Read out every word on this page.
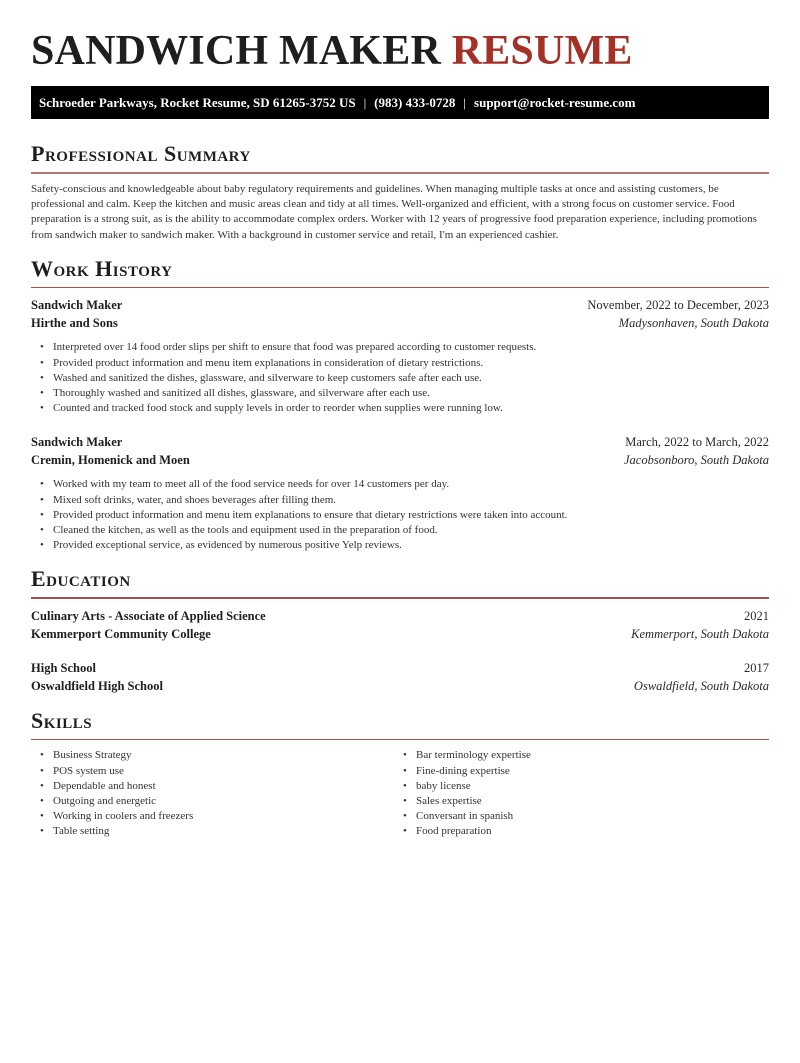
SANDWICH MAKER RESUME
Schroeder Parkways, Rocket Resume, SD 61265-3752 US | (983) 433-0728 | support@rocket-resume.com
Professional Summary

Safety-conscious and knowledgeable about baby regulatory requirements and guidelines. When managing multiple tasks at once and assisting customers, be professional and calm. Keep the kitchen and music areas clean and tidy at all times. Well-organized and efficient, with a strong focus on customer service. Food preparation is a strong suit, as is the ability to accommodate complex orders. Worker with 12 years of progressive food preparation experience, including promotions from sandwich maker to sandwich maker. With a background in customer service and retail, I'm an experienced cashier.

Work History
Sandwich Maker	November, 2022 to December, 2023
Hirthe and Sons	Madysonhaven, South Dakota
• Interpreted over 14 food order slips per shift to ensure that food was prepared according to customer requests.
• Provided product information and menu item explanations in consideration of dietary restrictions.
• Washed and sanitized the dishes, glassware, and silverware to keep customers safe after each use.
• Thoroughly washed and sanitized all dishes, glassware, and silverware after each use.
• Counted and tracked food stock and supply levels in order to reorder when supplies were running low.
Sandwich Maker	March, 2022 to March, 2022
Cremin, Homenick and Moen	Jacobsonboro, South Dakota
• Worked with my team to meet all of the food service needs for over 14 customers per day.
• Mixed soft drinks, water, and shoes beverages after filling them.
• Provided product information and menu item explanations to ensure that dietary restrictions were taken into account.
• Cleaned the kitchen, as well as the tools and equipment used in the preparation of food.
• Provided exceptional service, as evidenced by numerous positive Yelp reviews.
Education
Culinary Arts - Associate of Applied Science	2021
Kemmerport Community College	Kemmerport, South Dakota
High School	2017
Oswaldfield High School	Oswaldfield, South Dakota
Skills
• Business Strategy
• POS system use
• Dependable and honest
• Outgoing and energetic
• Working in coolers and freezers
• Table setting
• Bar terminology expertise
• Fine-dining expertise
• baby license
• Sales expertise
• Conversant in spanish
• Food preparation
